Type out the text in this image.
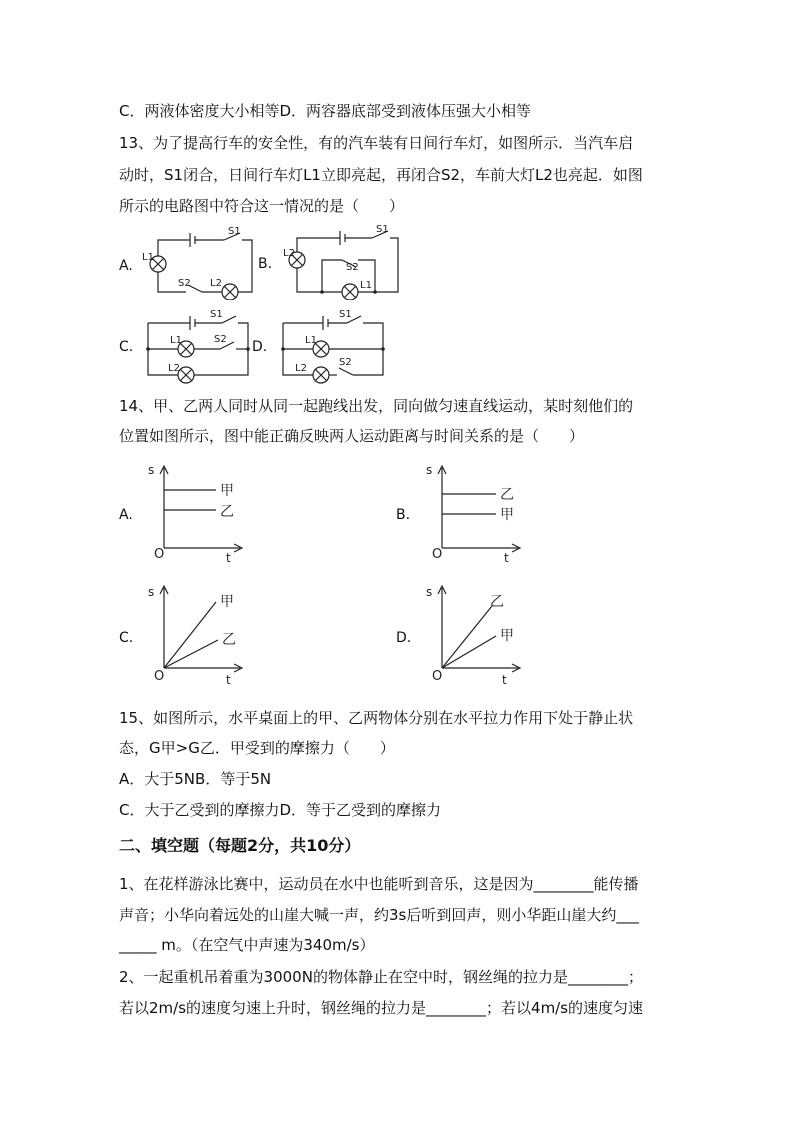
C．两液体密度大小相等D．两容器底部受到液体压强大小相等
13、为了提高行车的安全性，有的汽车装有日间行车灯，如图所示．当汽车启
动时，S1闭合，日间行车灯L1立即亮起，再闭合S2，车前大灯L2也亮起．如图
所示的电路图中符合这一情况的是（　　）
A.	B.
C.	D.
L1
S1
S2 L2
L2
S1
S2
L1
S1
L1	S2
L2
S1
L1
S2
L2
14、甲、乙两人同时从同一起跑线出发，同向做匀速直线运动，某时刻他们的
位置如图所示，图中能正确反映两人运动距离与时间关系的是（　　）
A.	B.
C.	D.
s
t
O
甲
乙
s
t
O
乙
甲
s
t
O
甲
乙
s
t
O
乙
甲
15、如图所示，水平桌面上的甲、乙两物体分别在水平拉力作用下处于静止状
态，G甲>G乙．甲受到的摩擦力（　　）
A．大于5NB．等于5N
C．大于乙受到的摩擦力D．等于乙受到的摩擦力
二、填空题（每题2分，共10分）
1、在花样游泳比赛中，运动员在水中也能听到音乐，这是因为________能传播
声音；小华向着远处的山崖大喊一声，约3s后听到回声，则小华距山崖大约___
_____ m。（在空气中声速为340m/s）
2、一起重机吊着重为3000N的物体静止在空中时，钢丝绳的拉力是________；
若以2m/s的速度匀速上升时，钢丝绳的拉力是________；若以4m/s的速度匀速
